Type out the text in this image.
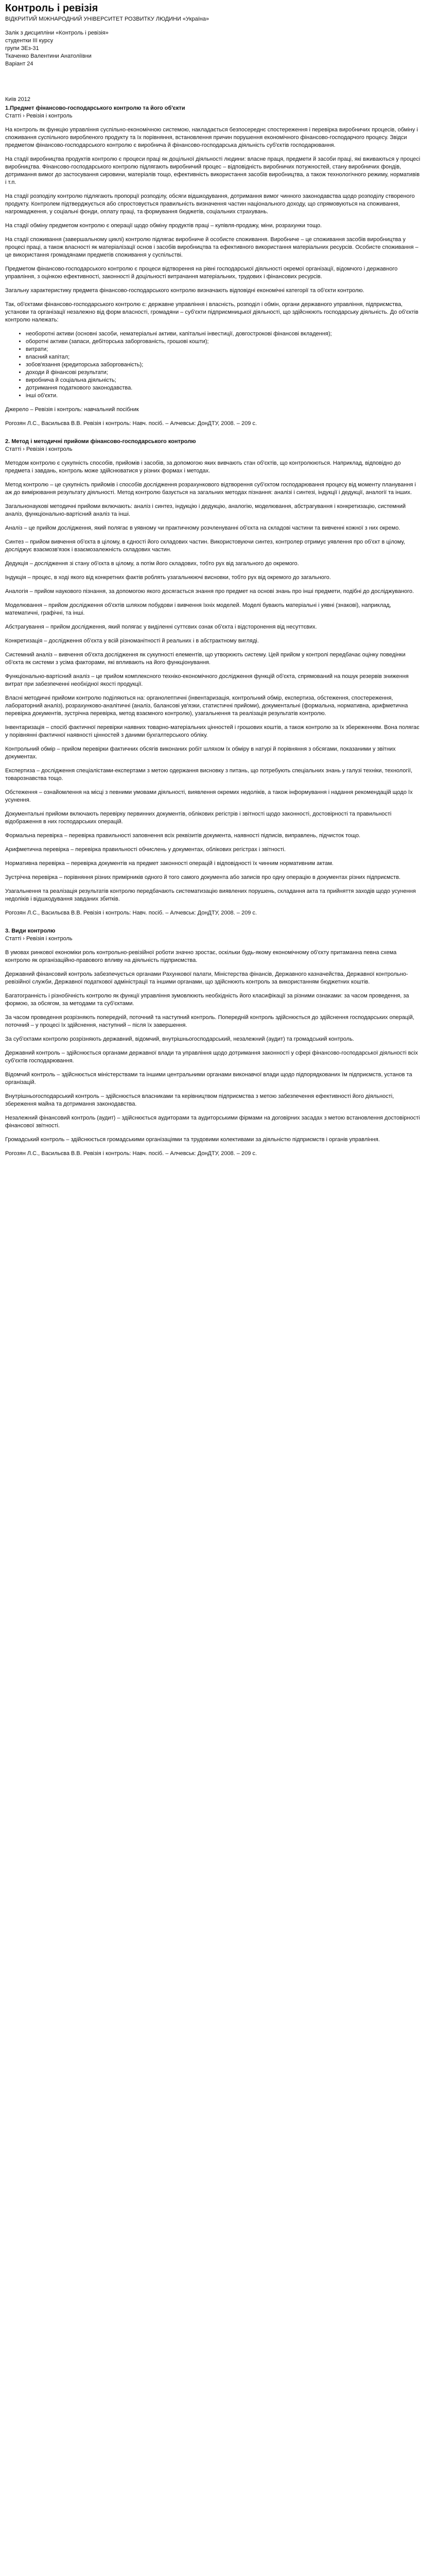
Контроль і ревізія
ВІДКРИТИЙ МІЖНАРОДНИЙ УНІВЕРСИТЕТ РОЗВИТКУ ЛЮДИНИ «Україна»
Залік з дисципліни «Контроль і ревізія»
студентки III курсу
групи ЗЕз-31
Ткаченко Валентини Анатоліївни
Варіант 24
Київ 2012
1.Предмет фінансово-господарського контролю та його об'єкти
Статті › Ревізія і контроль

На контроль як функцію управління суспільно-економічною системою, накладається безпосереднє спостереження і перевірка виробничих процесів, обміну і споживання суспільного виробленого продукту та їх порівняння, встановлення причин порушення економічного фінансово-господарчого процесу. Звідси предметом фінансово-господарського контролю є виробнича й фінансово-господарська діяльність суб'єктів господарювання.

На стадії виробництва продуктів контролю є процеси праці як доцільної діяльності людини: власне праця, предмети й засоби праці, які вживаються у процесі виробництва. Фінансово-господарського контролю підлягають виробничий процес – відповідність виробничих потужностей, стану виробничих фондів, дотримання вимог до застосування сировини, матеріалів тощо, ефективність використання засобів виробництва, а також технологічного режиму, нормативів і т.п.

На стадії розподілу контролю підлягають пропорції розподілу, обсяги відшкодування, дотримання вимог чинного законодавства щодо розподілу створеного продукту. Контролем підтверджується або спростовується правильність визначення частин національного доходу, що спрямовуються на споживання, нагромадження, у соціальні фонди, оплату праці, та формування бюджетів, соціальних страхувань.

На стадії обміну предметом контролю є операції щодо обміну продуктів праці – купівля-продажу, міни, розрахунки тощо.

На стадії споживання (завершальному циклі) контролю підлягає виробниче й особисте споживання. Виробниче – це споживання засобів виробництва у процесі праці, а також власності як матеріалізації основ і засобів виробництва та ефективного використання матеріальних ресурсів. Особисте споживання – це використання громадянами предметів споживання у суспільстві.

Предметом фінансово-господарського контролю є процеси відтворення на рівні господарської діяльності окремої організації, відомчого і державного управління, з оцінкою ефективності, законності й доцільності витрачання матеріальних, трудових і фінансових ресурсів.

Загальну характеристику предмета фінансово-господарського контролю визначають відповідні економічні категорії та об'єкти контролю.

Так, об'єктами фінансово-господарського контролю є: державне управління і власність, розподіл і обмін, органи державного управління, підприємства, установи та організації незалежно від форм власності, громадяни – суб'єкти підприємницької діяльності, що здійснюють господарську діяльність. До об'єктів контролю належать:

• необоротні активи (основні засоби, нематеріальні активи, капітальні інвестиції, довгострокові фінансові вкладення);
• оборотні активи (запаси, дебіторська заборгованість, грошові кошти);
• витрати;
• власний капітал;
• зобов'язання (кредиторська заборгованість);
• доходи й фінансові результати;
• виробнича й соціальна діяльність;
• дотримання податкового законодавства.
• інші об'єкти.

Джерело – Ревізія і контроль: навчальний посібник

Рогозян Л.С., Васильєва В.В. Ревізія і контроль: Навч. посіб. – Алчевськ: ДонДТУ, 2008. – 209 с.
2. Метод і методичні прийоми фінансово-господарського контролю
Статті › Ревізія і контроль

Методом контролю є сукупність способів, прийомів і засобів, за допомогою яких вивчають стан об'єктів, що контролюються. Наприклад, відповідно до предмета і завдань, контроль може здійснюватися у різних формах і методах.

Метод контролю – це сукупність прийомів і способів дослідження розрахункового відтворення суб'єктом господарювання процесу від моменту планування і аж до вимірювання результату діяльності. Метод контролю базується на загальних методах пізнання: аналізі і синтезі, індукції і дедукції, аналогії та інших.

Загальнонаукові методичні прийоми включають: аналіз і синтез, індукцію і дедукцію, аналогію, моделювання, абстрагування і конкретизацію, системний аналіз, функціонально-вартісний аналіз та інші.

Аналіз – це прийом дослідження, який полягає в уявному чи практичному розчленуванні об'єкта на складові частини та вивченні кожної з них окремо.

Синтез – прийом вивчення об'єкта в цілому, в єдності його складових частин. Використовуючи синтез, контролер отримує уявлення про об'єкт в цілому, досліджує взаємозв'язок і взаємозалежність складових частин.

Дедукція – дослідження зі стану об'єкта в цілому, а потім його складових, тобто рух від загального до окремого.

Індукція – процес, в ході якого від конкретних фактів роблять узагальнюючі висновки, тобто рух від окремого до загального.

Аналогія – прийом наукового пізнання, за допомогою якого досягається знання про предмет на основі знань про інші предмети, подібні до досліджуваного.

Моделювання – прийом дослідження об'єктів шляхом побудови і вивчення їхніх моделей. Моделі бувають матеріальні і уявні (знакові), наприклад, математичні, графічні, та інші.

Абстрагування – прийом дослідження, який полягає у виділенні суттєвих ознак об'єкта і відсторонення від несуттєвих.

Конкретизація – дослідження об'єкта у всій різноманітності й реальних і в абстрактному вигляді.

Системний аналіз – вивчення об'єкта дослідження як сукупності елементів, що утворюють систему. Цей прийом у контролі передбачає оцінку поведінки об'єкта як системи з усіма факторами, які впливають на його функціонування.

Функціонально-вартісний аналіз – це прийом комплексного техніко-економічного дослідження функцій об'єкта, спрямований на пошук резервів зниження витрат при забезпеченні необхідної якості продукції.

Власні методичні прийоми контролю поділяються на: органолептичні (інвентаризація, контрольний обмір, експертиза, обстеження, спостереження, лабораторний аналіз), розрахунково-аналітичні (аналіз, балансові ув'язки, статистичні прийоми), документальні (формальна, нормативна, арифметична перевірка документів, зустрічна перевірка, метод взаємного контролю), узагальнення та реалізація результатів контролю.

Інвентаризація – спосіб фактичної перевірки наявних товарно-матеріальних цінностей і грошових коштів, а також контролю за їх збереженням. Вона полягає у порівнянні фактичної наявності цінностей з даними бухгалтерського обліку.

Контрольний обмір – прийом перевірки фактичних обсягів виконаних робіт шляхом їх обміру в натурі й порівняння з обсягами, показаними у звітних документах.

Експертиза – дослідження спеціалістами-експертами з метою одержання висновку з питань, що потребують спеціальних знань у галузі техніки, технології, товарознавства тощо.

Обстеження – ознайомлення на місці з певними умовами діяльності, виявлення окремих недоліків, а також інформування і надання рекомендацій щодо їх усунення.

Документальні прийоми включають перевірку первинних документів, облікових регістрів і звітності щодо законності, достовірності та правильності відображення в них господарських операцій.

Формальна перевірка – перевірка правильності заповнення всіх реквізитів документа, наявності підписів, виправлень, підчисток тощо.

Арифметична перевірка – перевірка правильності обчислень у документах, облікових регістрах і звітності.

Нормативна перевірка – перевірка документів на предмет законності операцій і відповідності їх чинним нормативним актам.

Зустрічна перевірка – порівняння різних примірників одного й того самого документа або записів про одну операцію в документах різних підприємств.

Узагальнення та реалізація результатів контролю передбачають систематизацію виявлених порушень, складання акта та прийняття заходів щодо усунення недоліків і відшкодування завданих збитків.

Рогозян Л.С., Васильєва В.В. Ревізія і контроль: Навч. посіб. – Алчевськ: ДонДТУ, 2008. – 209 с.
3. Види контролю
Статті › Ревізія і контроль

В умовах ринкової економіки роль контрольно-ревізійної роботи значно зростає, оскільки будь-якому економічному об'єкту притаманна певна схема контролю як організаційно-правового впливу на діяльність підприємства.

Державний фінансовий контроль забезпечується органами Рахункової палати, Міністерства фінансів, Державного казначейства, Державної контрольно-ревізійної служби, Державної податкової адміністрації та іншими органами, що здійснюють контроль за використанням бюджетних коштів.

Багатогранність і різнобічність контролю як функції управління зумовлюють необхідність його класифікації за різними ознаками: за часом проведення, за формою, за обсягом, за методами та суб'єктами.

За часом проведення розрізняють попередній, поточний та наступний контроль. Попередній контроль здійснюється до здійснення господарських операцій, поточний – у процесі їх здійснення, наступний – після їх завершення.

За суб'єктами контролю розрізняють державний, відомчий, внутрішньогосподарський, незалежний (аудит) та громадський контроль.

Державний контроль – здійснюється органами державної влади та управління щодо дотримання законності у сфері фінансово-господарської діяльності всіх суб'єктів господарювання.

Відомчий контроль – здійснюється міністерствами та іншими центральними органами виконавчої влади щодо підпорядкованих їм підприємств, установ та організацій.

Внутрішньогосподарський контроль – здійснюється власниками та керівництвом підприємства з метою забезпечення ефективності його діяльності, збереження майна та дотримання законодавства.

Незалежний фінансовий контроль (аудит) – здійснюється аудиторами та аудиторськими фірмами на договірних засадах з метою встановлення достовірності фінансової звітності.

Громадський контроль – здійснюється громадськими організаціями та трудовими колективами за діяльністю підприємств і органів управління.

Рогозян Л.С., Васильєва В.В. Ревізія і контроль: Навч. посіб. – Алчевськ: ДонДТУ, 2008. – 209 с.
